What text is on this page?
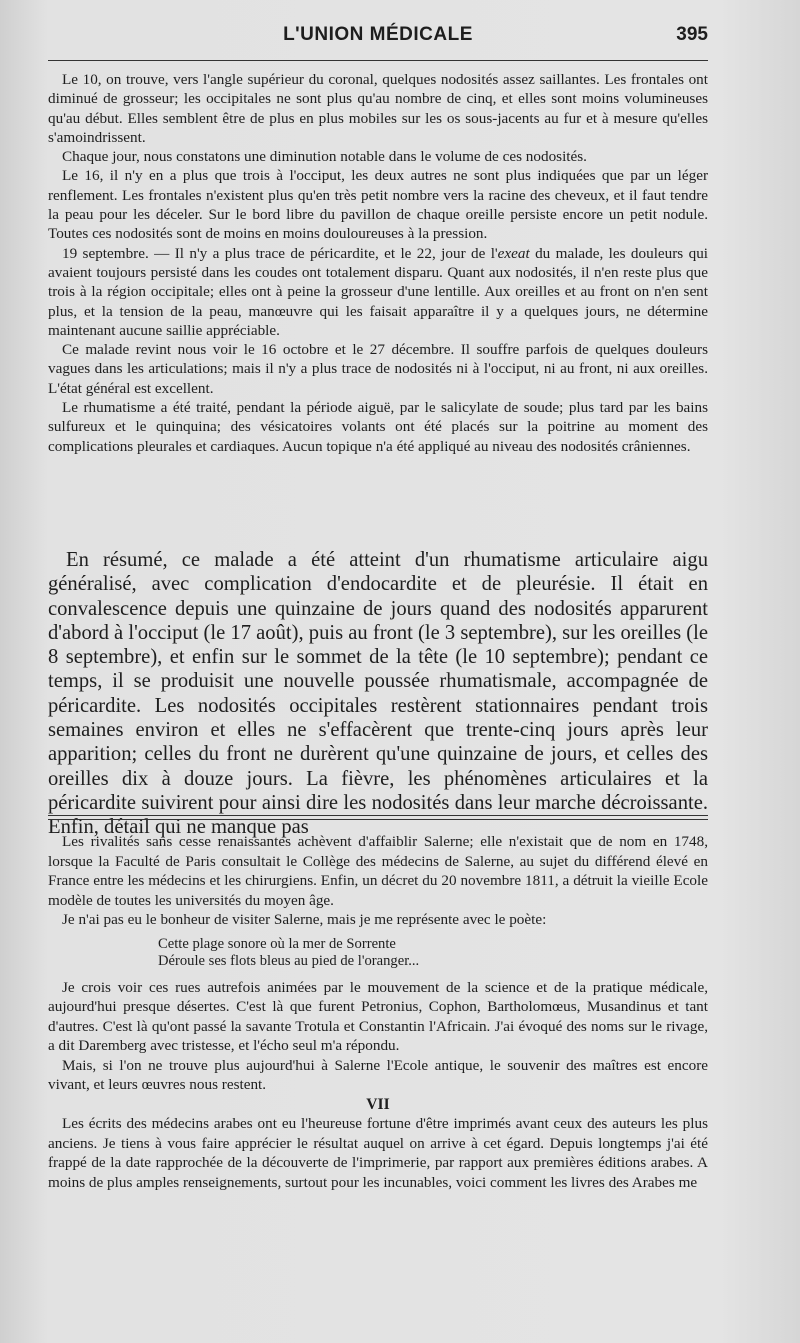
L'UNION MÉDICALE	395

Le 10, on trouve, vers l'angle supérieur du coronal, quelques nodosités assez saillantes. Les frontales ont diminué de grosseur; les occipitales ne sont plus qu'au nombre de cinq, et elles sont moins volumineuses qu'au début. Elles semblent être de plus en plus mobiles sur les os sous-jacents au fur et à mesure qu'elles s'amoindrissent.

Chaque jour, nous constatons une diminution notable dans le volume de ces nodosités.

Le 16, il n'y en a plus que trois à l'occiput, les deux autres ne sont plus indiquées que par un léger renflement. Les frontales n'existent plus qu'en très petit nombre vers la racine des cheveux, et il faut tendre la peau pour les déceler. Sur le bord libre du pavillon de chaque oreille persiste encore un petit nodule. Toutes ces nodosités sont de moins en moins douloureuses à la pression.

19 septembre. — Il n'y a plus trace de péricardite, et le 22, jour de l'exeat du malade, les douleurs qui avaient toujours persisté dans les coudes ont totalement disparu. Quant aux nodosités, il n'en reste plus que trois à la région occipitale; elles ont à peine la grosseur d'une lentille. Aux oreilles et au front on n'en sent plus, et la tension de la peau, manœuvre qui les faisait apparaître il y a quelques jours, ne détermine maintenant aucune saillie appréciable.

Ce malade revint nous voir le 16 octobre et le 27 décembre. Il souffre parfois de quelques douleurs vagues dans les articulations; mais il n'y a plus trace de nodosités ni à l'occiput, ni au front, ni aux oreilles. L'état général est excellent.

Le rhumatisme a été traité, pendant la période aiguë, par le salicylate de soude; plus tard par les bains sulfureux et le quinquina; des vésicatoires volants ont été placés sur la poitrine au moment des complications pleurales et cardiaques. Aucun topique n'a été appliqué au niveau des nodosités crâniennes.

En résumé, ce malade a été atteint d'un rhumatisme articulaire aigu généralisé, avec complication d'endocardite et de pleurésie. Il était en convalescence depuis une quinzaine de jours quand des nodosités apparurent d'abord à l'occiput (le 17 août), puis au front (le 3 septembre), sur les oreilles (le 8 septembre), et enfin sur le sommet de la tête (le 10 septembre); pendant ce temps, il se produisit une nouvelle poussée rhumatismale, accompagnée de péricardite. Les nodosités occipitales restèrent stationnaires pendant trois semaines environ et elles ne s'effacèrent que trente-cinq jours après leur apparition; celles du front ne durèrent qu'une quinzaine de jours, et celles des oreilles dix à douze jours. La fièvre, les phénomènes articulaires et la péricardite suivirent pour ainsi dire les nodosités dans leur marche décroissante. Enfin, détail qui ne manque pas

Les rivalités sans cesse renaissantes achèvent d'affaiblir Salerne; elle n'existait que de nom en 1748, lorsque la Faculté de Paris consultait le Collège des médecins de Salerne, au sujet du différend élevé en France entre les médecins et les chirurgiens. Enfin, un décret du 20 novembre 1811, a détruit la vieille Ecole modèle de toutes les universités du moyen âge.

Je n'ai pas eu le bonheur de visiter Salerne, mais je me représente avec le poète:

Cette plage sonore où la mer de Sorrente
Déroule ses flots bleus au pied de l'oranger...

Je crois voir ces rues autrefois animées par le mouvement de la science et de la pratique médicale, aujourd'hui presque désertes. C'est là que furent Petronius, Cophon, Bartholomœus, Musandinus et tant d'autres. C'est là qu'ont passé la savante Trotula et Constantin l'Africain. J'ai évoqué des noms sur le rivage, a dit Daremberg avec tristesse, et l'écho seul m'a répondu.

Mais, si l'on ne trouve plus aujourd'hui à Salerne l'Ecole antique, le souvenir des maîtres est encore vivant, et leurs œuvres nous restent.

VII

Les écrits des médecins arabes ont eu l'heureuse fortune d'être imprimés avant ceux des auteurs les plus anciens. Je tiens à vous faire apprécier le résultat auquel on arrive à cet égard. Depuis longtemps j'ai été frappé de la date rapprochée de la découverte de l'imprimerie, par rapport aux premières éditions arabes. A moins de plus amples renseignements, surtout pour les incunables, voici comment les livres des Arabes me
